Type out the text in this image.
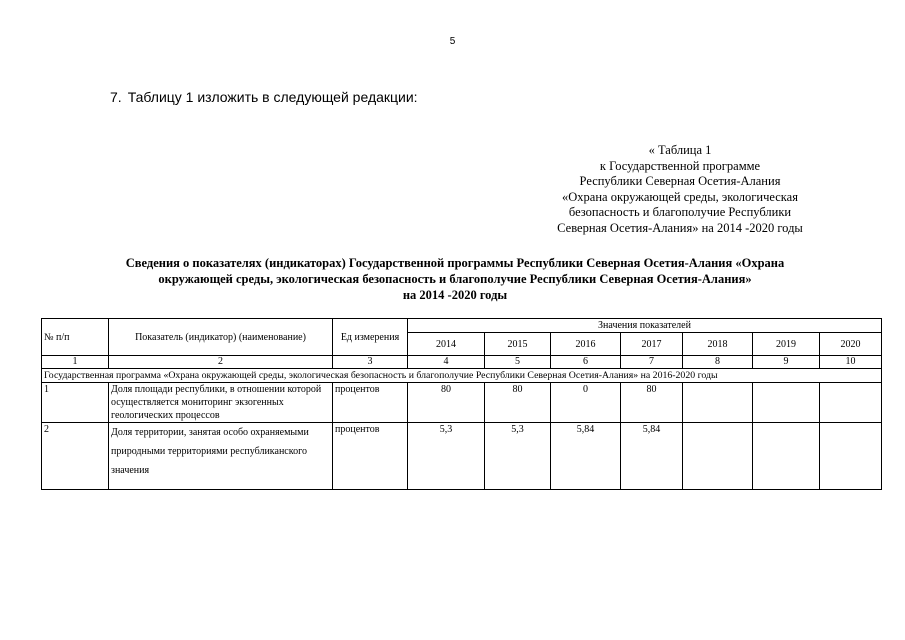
5
7. Таблицу 1 изложить в следующей редакции:
« Таблица 1
к Государственной программе
Республики Северная Осетия-Алания
«Охрана окружающей среды, экологическая
безопасность и благополучие Республики
Северная Осетия-Алания» на 2014 -2020 годы
Сведения о показателях (индикаторах) Государственной программы Республики Северная Осетия-Алания «Охрана
окружающей среды, экологическая безопасность и благополучие Республики Северная Осетия-Алания»
на 2014 -2020 годы
№ п/п	Показатель (индикатор) (наименование)	Ед измерения	Значения показателей						
			2014	2015	2016	2017	2018	2019	2020
1	2	3	4	5	6	7	8	9	10
Государственная программа «Охрана окружающей среды, экологическая безопасность и благополучие Республики Северная Осетия-Алания» на 2016-2020 годы									
1	Доля площади республики, в отношении которой осуществляется мониторинг экзогенных геологических процессов	процентов	80	80	0	80			
2	Доля территории, занятая особо охраняемыми природными территориями республиканского значения	процентов	5,3	5,3	5,84	5,84			
